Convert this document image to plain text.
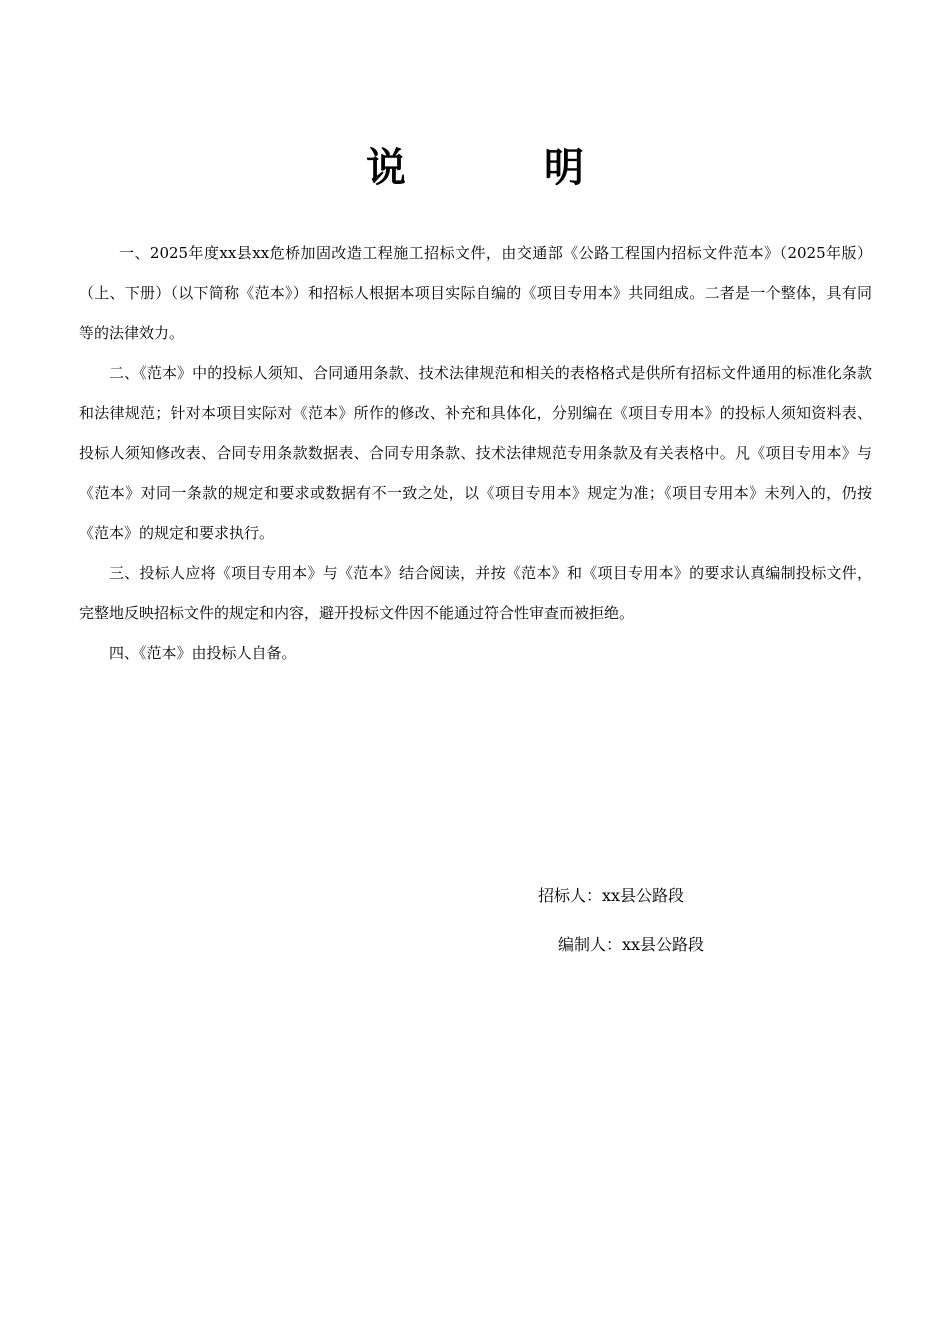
说 明

一、2025年度xx县xx危桥加固改造工程施工招标文件，由交通部《公路工程国内招标文件范本》（2025年版）（上、下册）（以下简称《范本》）和招标人根据本项目实际自编的《项目专用本》共同组成。二者是一个整体，具有同等的法律效力。

二、《范本》中的投标人须知、合同通用条款、技术法律规范和相关的表格格式是供所有招标文件通用的标准化条款和法律规范；针对本项目实际对《范本》所作的修改、补充和具体化，分别编在《项目专用本》的投标人须知资料表、投标人须知修改表、合同专用条款数据表、合同专用条款、技术法律规范专用条款及有关表格中。凡《项目专用本》与《范本》对同一条款的规定和要求或数据有不一致之处，以《项目专用本》规定为准；《项目专用本》未列入的，仍按《范本》的规定和要求执行。

三、投标人应将《项目专用本》与《范本》结合阅读，并按《范本》和《项目专用本》的要求认真编制投标文件，完整地反映招标文件的规定和内容，避开投标文件因不能通过符合性审查而被拒绝。

四、《范本》由投标人自备。

招标人：xx县公路段
编制人：xx县公路段
